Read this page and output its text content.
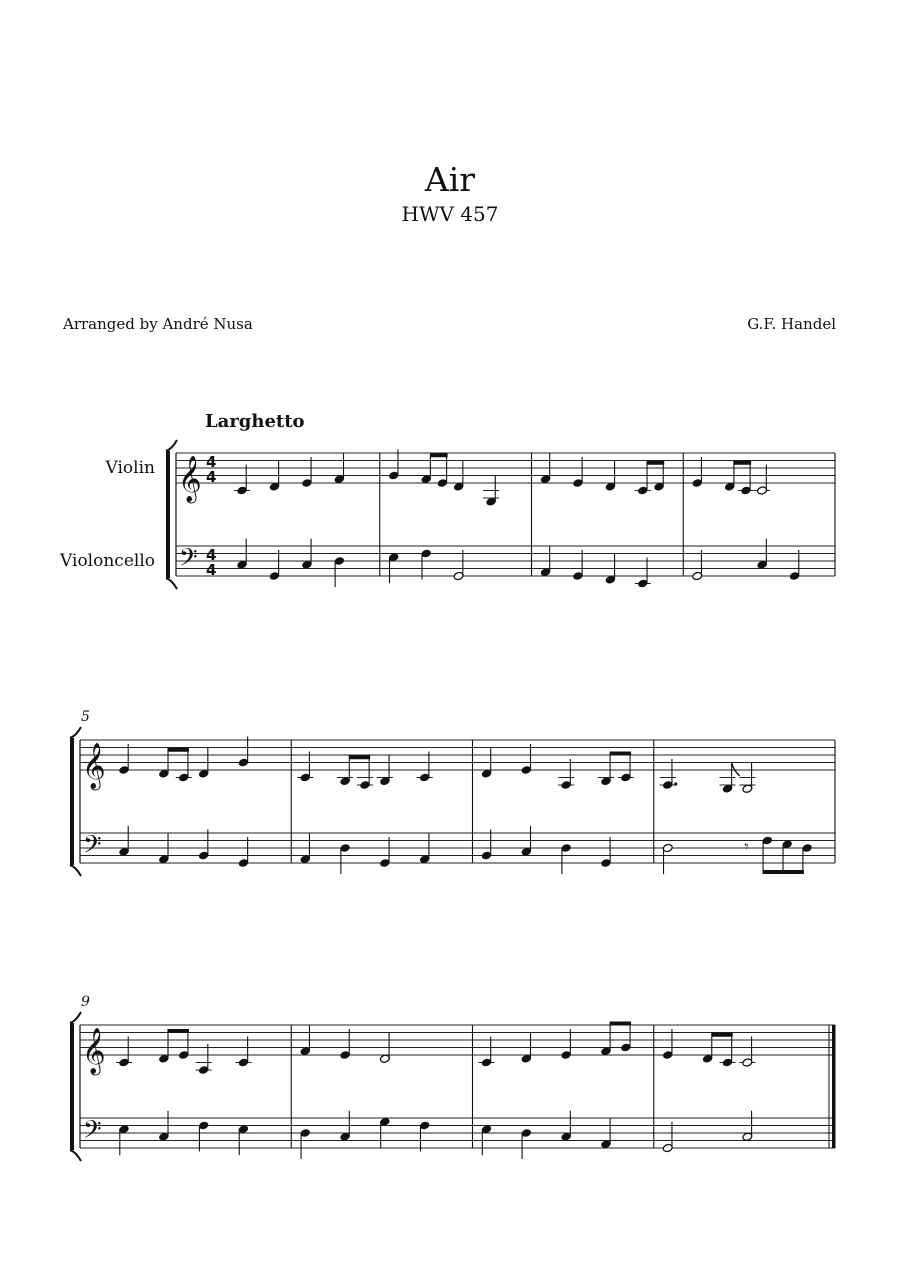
Air
HWV 457
Arranged by André Nusa	G.F. Handel
Larghetto
Violin
Violoncello
5
9
𝄞
𝄢
4
4
4
4
𝄞
𝄢	𝄾
𝄞
𝄢
